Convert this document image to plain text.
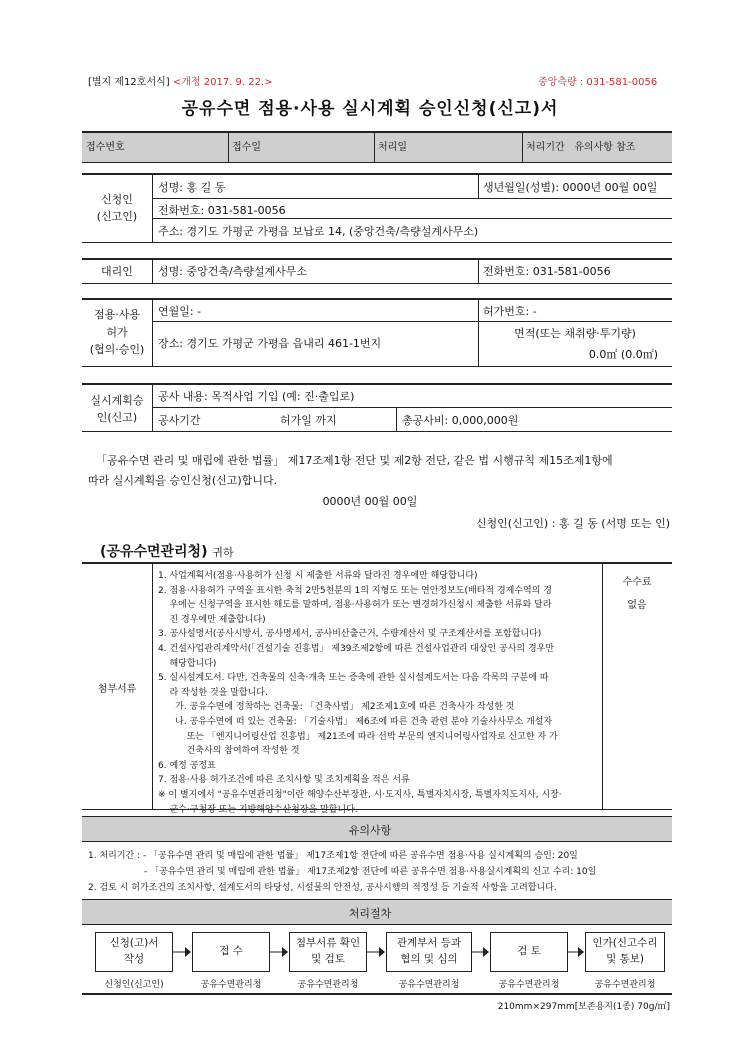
[별지 제12호서식] <개정 2017. 9. 22.>	중앙측량 : 031-581-0056
공유수면 점용·사용 실시계획 승인신청(신고)서
접수번호	접수일	처리일	처리기간 유의사항 참조
신청인
(신고인)
성명: 홍 길 동	생년월일(성별): 0000년 00월 00일
전화번호: 031-581-0056
주소: 경기도 가평군 가평읍 보납로 14, (중앙건축/측량설계사무소)
대리인	성명: 중앙건축/측량설계사무소	전화번호: 031-581-0056
점용·사용
허가
(협의·승인)
연월일: -	허가번호: -
장소: 경기도 가평군 가평읍 읍내리 461-1번지
면적(또는 채취량·투기량)
0.0㎡ (0.0㎡)
실시계획승
인(신고)
공사 내용: 목적사업 기입 (예: 진·출입로)
공사기간	허가일 까지	총공사비: 0,000,000원
「공유수면 관리 및 매립에 관한 법률」 제17조제1항 전단 및 제2항 전단, 같은 법 시행규칙 제15조제1항에
따라 실시계획을 승인신청(신고)합니다.
0000년 00월 00일
신청인(신고인) : 홍 길 동 (서명 또는 인)
(공유수면관리청) 귀하
첨부서류
수수료
없음
1. 사업계획서(점용·사용허가 신청 시 제출한 서류와 달라진 경우에만 해당합니다)
2. 점용·사용허가 구역을 표시한 축척 2만5천분의 1의 지형도 또는 연안정보도(배타적 경제수역의 경
우에는 신청구역을 표시한 해도를 말하며, 점용·사용허가 또는 변경허가신청시 제출한 서류와 달라
진 경우에만 제출합니다)
3. 공사설명서(공사시방서, 공사명세서, 공사비산출근거, 수량계산서 및 구조계산서를 포함합니다)
4. 건설사업관리계약서(「건설기술 진흥법」 제39조제2항에 따른 건설사업관리 대상인 공사의 경우만
해당합니다)
5. 실시설계도서. 다만, 건축물의 신축·개축 또는 증축에 관한 실시설계도서는 다음 각목의 구분에 따
라 작성한 것을 말합니다.
가. 공유수면에 정착하는 건축물: 「건축사법」 제2조제1호에 따른 건축사가 작성한 것
나. 공유수면에 떠 있는 건축물: 「기술사법」 제6조에 따른 건축 관련 분야 기술사사무소 개설자
또는 「엔지니어링산업 진흥법」 제21조에 따라 선박 부문의 엔지니어링사업자로 신고한 자 가
건축사의 참여하여 작성한 것
6. 예정 공정표
7. 점용·사용 허가조건에 따른 조치사항 및 조치계획을 적은 서류
※ 이 별지에서 "공유수면관리청"이란 해양수산부장관, 시·도지사, 특별자치시장, 특별자치도지사, 시장·
군수·구청장 또는 지방해양수산청장을 말합니다.
유의사항
1. 처리기간 : - 「공유수면 관리 및 매립에 관한 법률」 제17조제1항 전단에 따른 공유수면 점용·사용 실시계획의 승인: 20일
- 「공유수면 관리 및 매립에 관한 법률」 제17조제2항 전단에 따른 공유수면 점용·사용실시계획의 신고 수리: 10일
2. 검토 시 허가조건의 조치사항, 설계도서의 타당성, 시설물의 안전성, 공사시행의 적정성 등 기술적 사항을 고려합니다.
처리절차
신청(고)서
작성
접 수
첨부서류 확인
및 검토
관계부서 등과
협의 및 심의
검 토
인가(신고수리
및 통보)
신청인(신고인)	공유수면관리청	공유수면관리청	공유수면관리청	공유수면관리청	공유수면관리청
210mm×297mm[보존용지(1종) 70g/㎡]
